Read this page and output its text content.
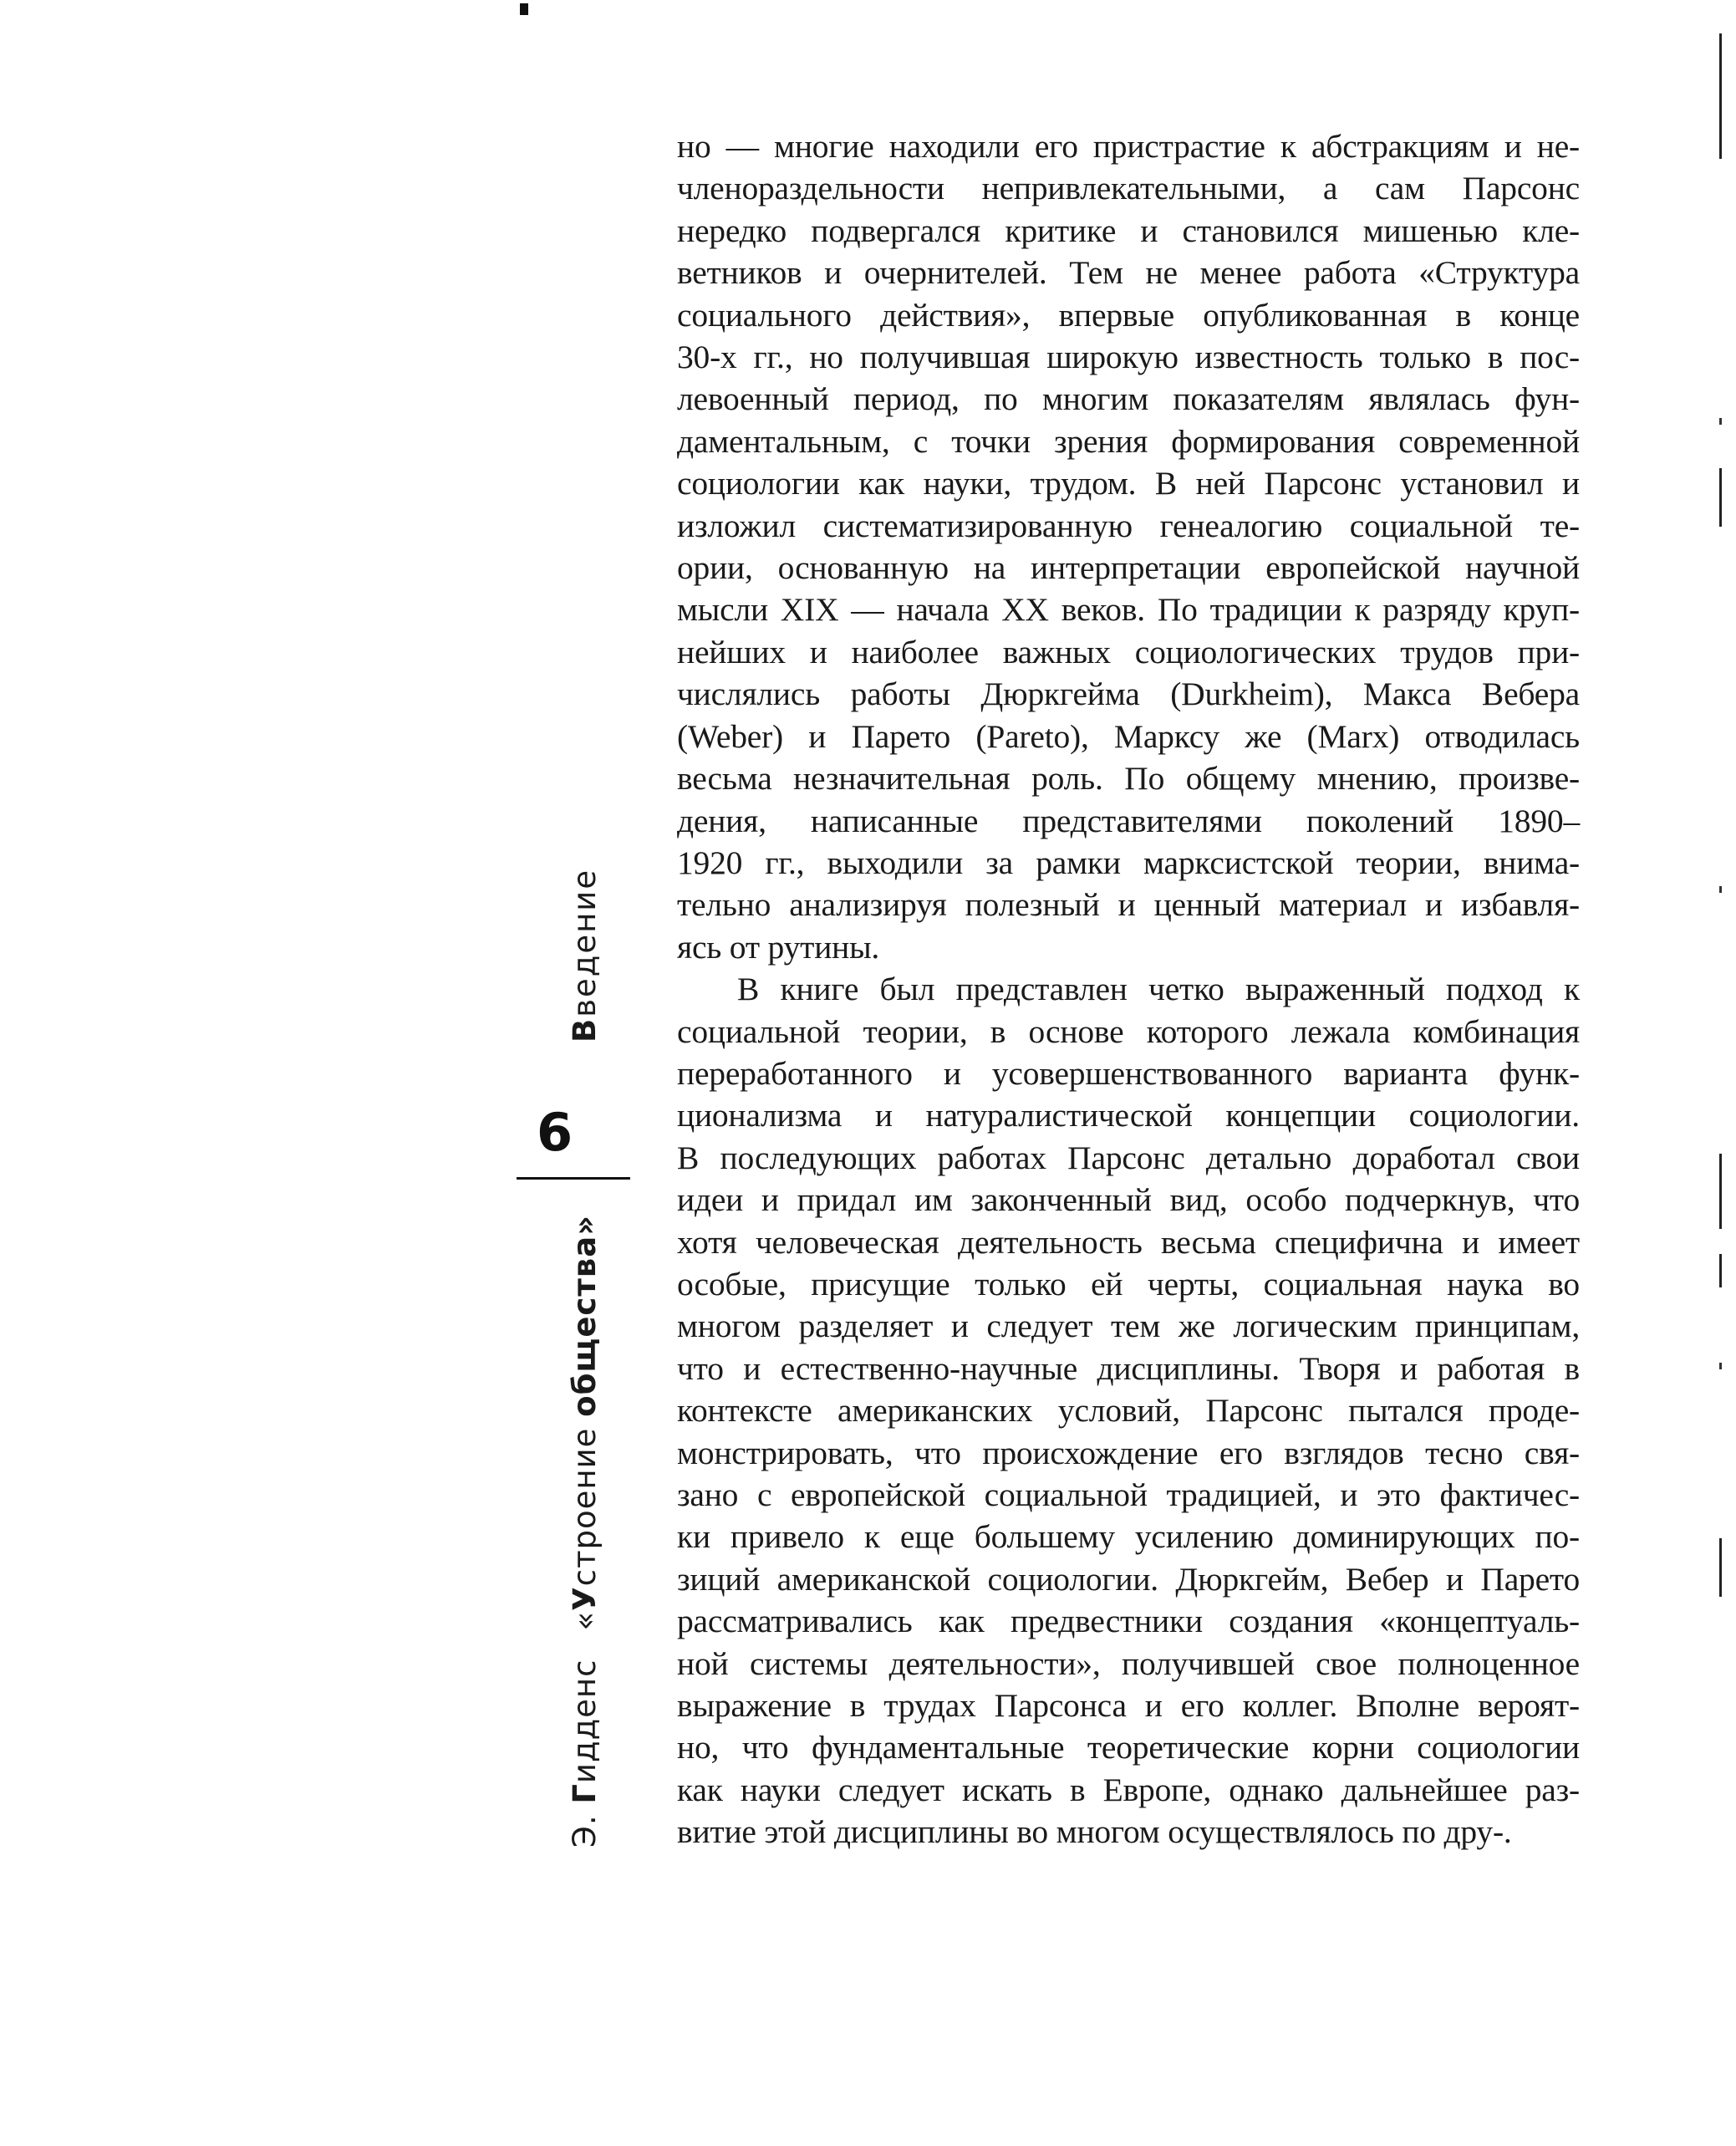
Э. Гидденс«Устроение общества»
Введение
6

но — многие находили его пристрастие к абстракциям и не-
членораздельности непривлекательными, а сам Парсонс
нередко подвергался критике и становился мишенью кле-
ветников и очернителей. Тем не менее работа «Структура
социального действия», впервые опубликованная в конце
30-х гг., но получившая широкую известность только в пос-
левоенный период, по многим показателям являлась фун-
даментальным, с точки зрения формирования современной
социологии как науки, трудом. В ней Парсонс установил и
изложил систематизированную генеалогию социальной те-
ории, основанную на интерпретации европейской научной
мысли XIX — начала XX веков. По традиции к разряду круп-
нейших и наиболее важных социологических трудов при-
числялись работы Дюркгейма (Durkheim), Макса Вебера
(Weber) и Парето (Pareto), Марксу же (Marx) отводилась
весьма незначительная роль. По общему мнению, произве-
дения, написанные представителями поколений 1890–
1920 гг., выходили за рамки марксистской теории, внима-
тельно анализируя полезный и ценный материал и избавля-
ясь от рутины.

В книге был представлен четко выраженный подход к
социальной теории, в основе которого лежала комбинация
переработанного и усовершенствованного варианта функ-
ционализма и натуралистической концепции социологии.
В последующих работах Парсонс детально доработал свои
идеи и придал им законченный вид, особо подчеркнув, что
хотя человеческая деятельность весьма специфична и имеет
особые, присущие только ей черты, социальная наука во
многом разделяет и следует тем же логическим принципам,
что и естественно-научные дисциплины. Творя и работая в
контексте американских условий, Парсонс пытался проде-
монстрировать, что происхождение его взглядов тесно свя-
зано с европейской социальной традицией, и это фактичес-
ки привело к еще большему усилению доминирующих по-
зиций американской социологии. Дюркгейм, Вебер и Парето
рассматривались как предвестники создания «концептуаль-
ной системы деятельности», получившей свое полноценное
выражение в трудах Парсонса и его коллег. Вполне вероят-
но, что фундаментальные теоретические корни социологии
как науки следует искать в Европе, однако дальнейшее раз-
витие этой дисциплины во многом осуществлялось по дру-.
